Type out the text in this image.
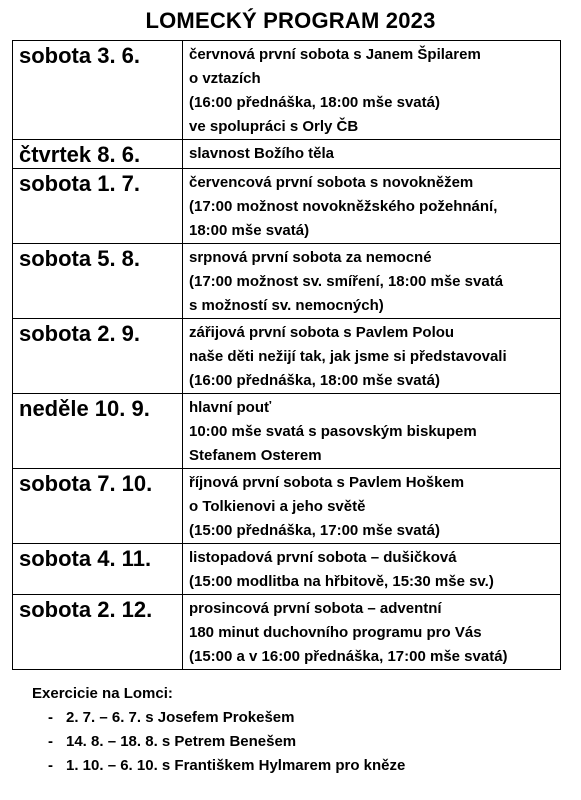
LOMECKÝ PROGRAM 2023
sobota 3. 6.	červnová první sobota s Janem Špilarem
o vztazích
(16:00 přednáška, 18:00 mše svatá)
ve spolupráci s Orly ČB

čtvrtek 8. 6.	slavnost Božího těla

sobota 1. 7.	červencová první sobota s novokněžem
(17:00 možnost novokněžského požehnání,
18:00 mše svatá)

sobota 5. 8.	srpnová první sobota za nemocné
(17:00 možnost sv. smíření, 18:00 mše svatá
s možností sv. nemocných)

sobota 2. 9.	zářijová první sobota s Pavlem Polou
naše děti nežijí tak, jak jsme si představovali
(16:00 přednáška, 18:00 mše svatá)

neděle 10. 9.	hlavní pouť
10:00 mše svatá s pasovským biskupem
Stefanem Osterem

sobota 7. 10.	říjnová první sobota s Pavlem Hoškem
o Tolkienovi a jeho světě
(15:00 přednáška, 17:00 mše svatá)

sobota 4. 11.	listopadová první sobota – dušičková
(15:00 modlitba na hřbitově, 15:30 mše sv.)

sobota 2. 12.	prosincová první sobota – adventní
180 minut duchovního programu pro Vás
(15:00 a v 16:00 přednáška, 17:00 mše svatá)
Exercicie na Lomci:
- 2. 7. – 6. 7. s Josefem Prokešem
- 14. 8. – 18. 8. s Petrem Benešem
- 1. 10. – 6. 10. s Františkem Hylmarem pro kněze
